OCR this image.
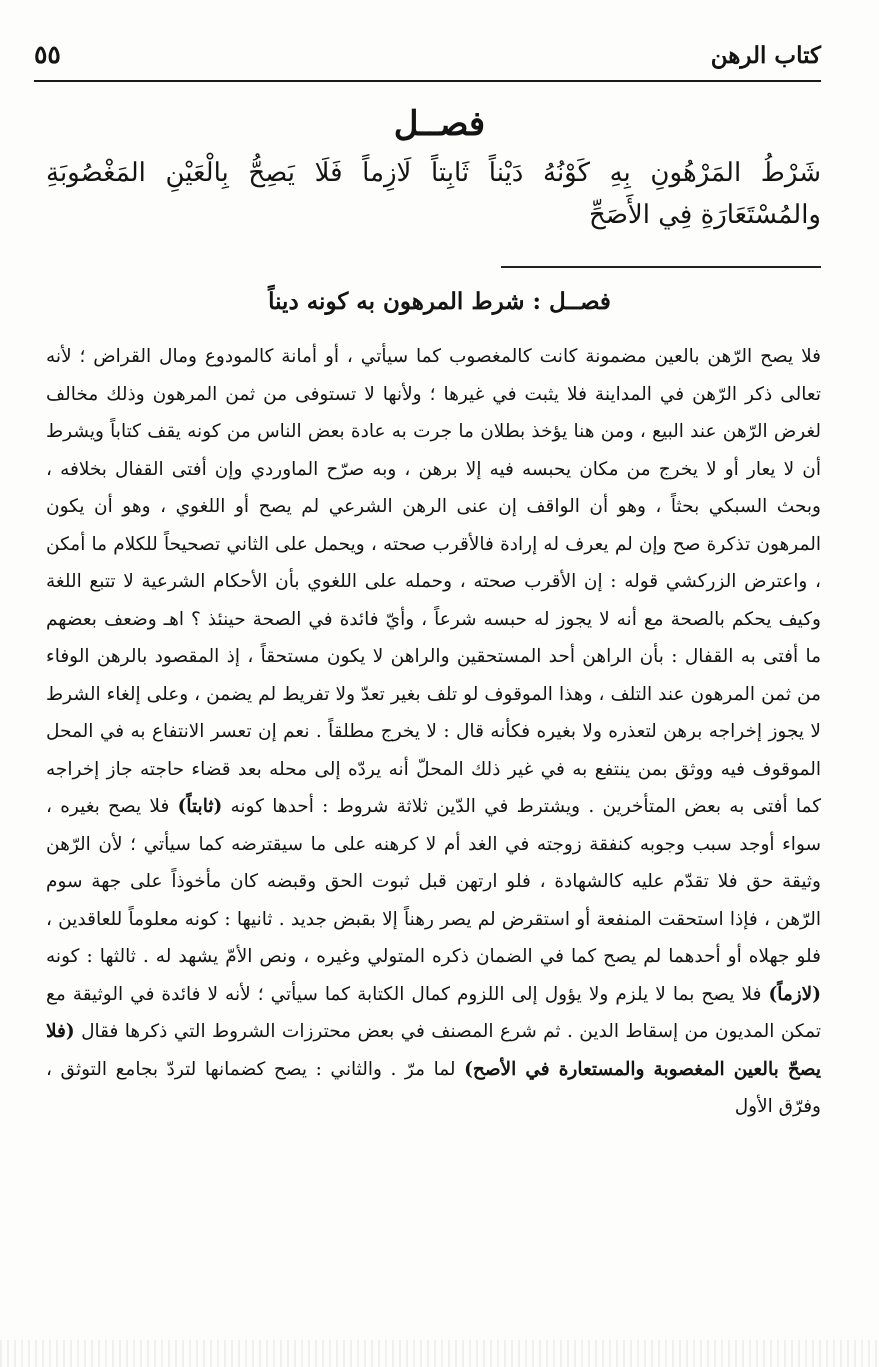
كتاب الرهن
٥٥
فصــل
شَرْطُ المَرْهُونِ بِهِ كَوْنُهُ دَيْناً ثَابِتاً لَازِماً فَلَا يَصِحُّ بِالْعَيْنِ المَغْصُوبَةِ والمُسْتَعَارَةِ فِي الأَصَحِّ
فصــل : شرط المرهون به كونه ديناً

فلا يصح الرّهن بالعين مضمونة كانت كالمغصوب كما سيأتي ، أو أمانة كالمودوع ومال القراض ؛ لأنه تعالى ذكر الرّهن في المداينة فلا يثبت في غيرها ؛ ولأنها لا تستوفى من ثمن المرهون وذلك مخالف لغرض الرّهن عند البيع ، ومن هنا يؤخذ بطلان ما جرت به عادة بعض الناس من كونه يقف كتاباً ويشرط أن لا يعار أو لا يخرج من مكان يحبسه فيه إلا برهن ، وبه صرّح الماوردي وإن أفتى القفال بخلافه ، وبحث السبكي بحثاً ، وهو أن الواقف إن عنى الرهن الشرعي لم يصح أو اللغوي ، وهو أن يكون المرهون تذكرة صح وإن لم يعرف له إرادة فالأقرب صحته ، ويحمل على الثاني تصحيحاً للكلام ما أمكن ، واعترض الزركشي قوله : إن الأقرب صحته ، وحمله على اللغوي بأن الأحكام الشرعية لا تتبع اللغة وكيف يحكم بالصحة مع أنه لا يجوز له حبسه شرعاً ، وأيّ فائدة في الصحة حينئذ ؟ اهـ وضعف بعضهم ما أفتى به القفال : بأن الراهن أحد المستحقين والراهن لا يكون مستحقاً ، إذ المقصود بالرهن الوفاء من ثمن المرهون عند التلف ، وهذا الموقوف لو تلف بغير تعدّ ولا تفريط لم يضمن ، وعلى إلغاء الشرط لا يجوز إخراجه برهن لتعذره ولا بغيره فكأنه قال : لا يخرج مطلقاً . نعم إن تعسر الانتفاع به في المحل الموقوف فيه ووثق بمن ينتفع به في غير ذلك المحلّ أنه يردّه إلى محله بعد قضاء حاجته جاز إخراجه كما أفتى به بعض المتأخرين . ويشترط في الدّين ثلاثة شروط : أحدها كونه (ثابتاً) فلا يصح بغيره ، سواء أوجد سبب وجوبه كنفقة زوجته في الغد أم لا كرهنه على ما سيقترضه كما سيأتي ؛ لأن الرّهن وثيقة حق فلا تقدّم عليه كالشهادة ، فلو ارتهن قبل ثبوت الحق وقبضه كان مأخوذاً على جهة سوم الرّهن ، فإذا استحقت المنفعة أو استقرض لم يصر رهناً إلا بقبض جديد . ثانيها : كونه معلوماً للعاقدين ، فلو جهلاه أو أحدهما لم يصح كما في الضمان ذكره المتولي وغيره ، ونص الأمّ يشهد له . ثالثها : كونه (لازماً) فلا يصح بما لا يلزم ولا يؤول إلى اللزوم كمال الكتابة كما سيأتي ؛ لأنه لا فائدة في الوثيقة مع تمكن المديون من إسقاط الدين . ثم شرع المصنف في بعض محترزات الشروط التي ذكرها فقال (فلا يصحّ بالعين المغصوبة والمستعارة في الأصح) لما مرّ . والثاني : يصح كضمانها لتردّ بجامع التوثق ، وفرّق الأول
